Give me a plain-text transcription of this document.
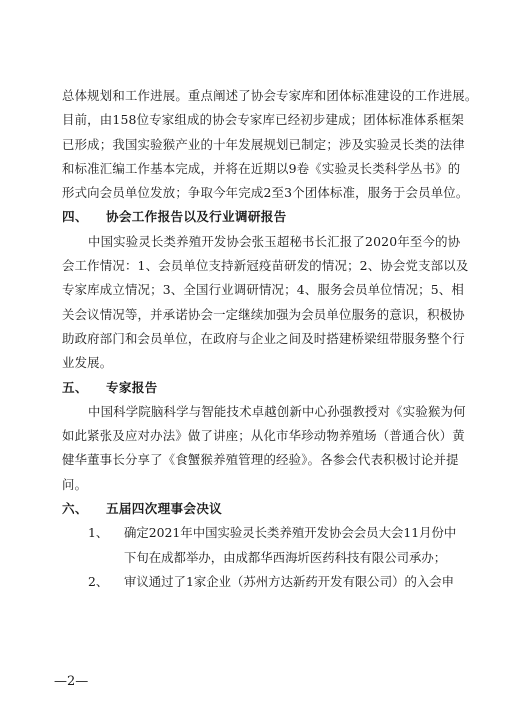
总体规划和工作进展。重点阐述了协会专家库和团体标准建设的工作进展。

目前，由158位专家组成的协会专家库已经初步建成；团体标准体系框架

已形成；我国实验猴产业的十年发展规划已制定；涉及实验灵长类的法律

和标准汇编工作基本完成，并将在近期以9卷《实验灵长类科学丛书》的

形式向会员单位发放；争取今年完成2至3个团体标准，服务于会员单位。

四、 协会工作报告以及行业调研报告

中国实验灵长类养殖开发协会张玉超秘书长汇报了2020年至今的协

会工作情况：1、会员单位支持新冠疫苗研发的情况；2、协会党支部以及

专家库成立情况；3、全国行业调研情况；4、服务会员单位情况；5、相

关会议情况等，并承诺协会一定继续加强为会员单位服务的意识，积极协

助政府部门和会员单位，在政府与企业之间及时搭建桥梁纽带服务整个行

业发展。

五、 专家报告

中国科学院脑科学与智能技术卓越创新中心孙强教授对《实验猴为何

如此紧张及应对办法》做了讲座；从化市华珍动物养殖场（普通合伙）黄

健华董事长分享了《食蟹猴养殖管理的经验》。各参会代表积极讨论并提

问。

六、 五届四次理事会决议

1、 确定2021年中国实验灵长类养殖开发协会会员大会11月份中
下旬在成都举办，由成都华西海圻医药科技有限公司承办；
2、 审议通过了1家企业（苏州方达新药开发有限公司）的入会申
—2—
